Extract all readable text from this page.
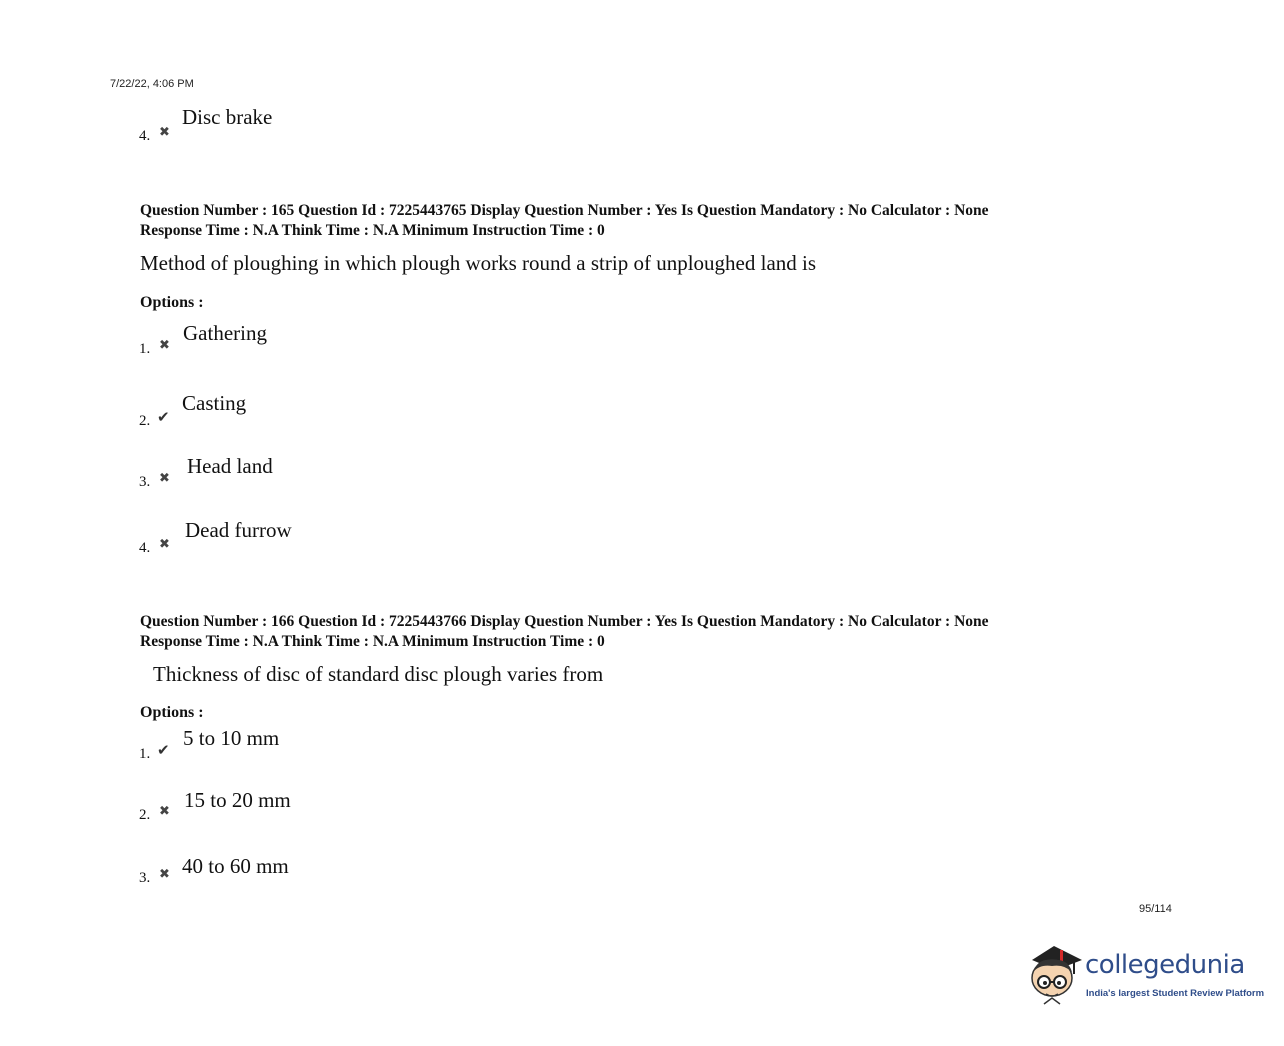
7/22/22, 4:06 PM
4. ✖
Disc brake
Question Number : 165 Question Id : 7225443765 Display Question Number : Yes Is Question Mandatory : No Calculator : None
Response Time : N.A Think Time : N.A Minimum Instruction Time : 0
Method of ploughing in which plough works round a strip of unploughed land is
Options :
1. ✖
Gathering
2. ✔
Casting
3. ✖
Head land
4. ✖
Dead furrow
Question Number : 166 Question Id : 7225443766 Display Question Number : Yes Is Question Mandatory : No Calculator : None
Response Time : N.A Think Time : N.A Minimum Instruction Time : 0
Thickness of disc of standard disc plough varies from
Options :
1. ✔ 5 to 10 mm
2. ✖ 15 to 20 mm
3. ✖ 40 to 60 mm
95/114
collegedunia
India's largest Student Review Platform
